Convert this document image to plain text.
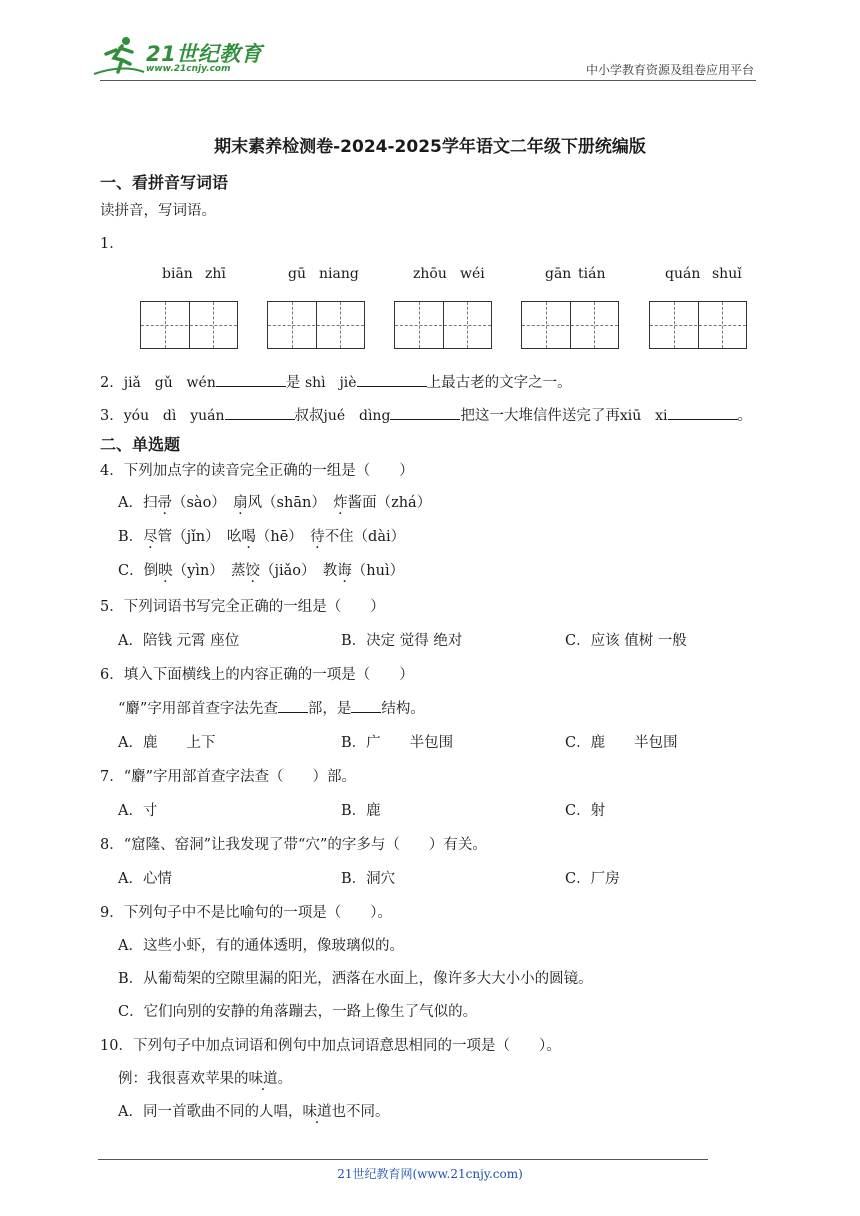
21世纪教育
www.21cnjy.com	中小学教育资源及组卷应用平台
期末素养检测卷-2024-2025学年语文二年级下册统编版
一、看拼音写词语
读拼音，写词语。
1．
biān zhī	gū niang	zhōu wéi	gān tián	quán shuǐ
2．jiǎ gǔ wén	是 shì jiè	上最古老的文字之一。
3．yóu dì yuán	叔叔jué dìng	把这一大堆信件送完了再xiū xi	。
二、单选题
4．下列加点字的读音完全正确的一组是（　　）
A．扫帚（sào）　扇风（shān）　炸酱面（zhá）
B．尽管（jǐn）　吆喝（hē）　待不住（dài）
C．倒映（yìn）　蒸饺（jiǎo）　教诲（huì）
5．下列词语书写完全正确的一组是（　　）
A．陪钱 元霄 座位	B．决定 觉得 绝对	C．应该 值树 一般
6．填入下面横线上的内容正确的一项是（　　）
“麝”字用部首查字法先查 部，是 结构。
A．鹿　　上下	B．广　　半包围	C．鹿　　半包围
7．“麝”字用部首查字法查（　　）部。
A．寸	B．鹿	C．射
8．“窟隆、窑洞”让我发现了带“穴”的字多与（　　）有关。
A．心情	B．洞穴	C．厂房
9．下列句子中不是比喻句的一项是（　　）。
A．这些小虾，有的通体透明，像玻璃似的。
B．从葡萄架的空隙里漏的阳光，洒落在水面上，像许多大大小小的圆镜。
C．它们向别的安静的角落蹦去，一路上像生了气似的。
10．下列句子中加点词语和例句中加点词语意思相同的一项是（　　）。
例：我很喜欢苹果的味道。
A．同一首歌曲不同的人唱，味道也不同。
21世纪教育网(www.21cnjy.com)
